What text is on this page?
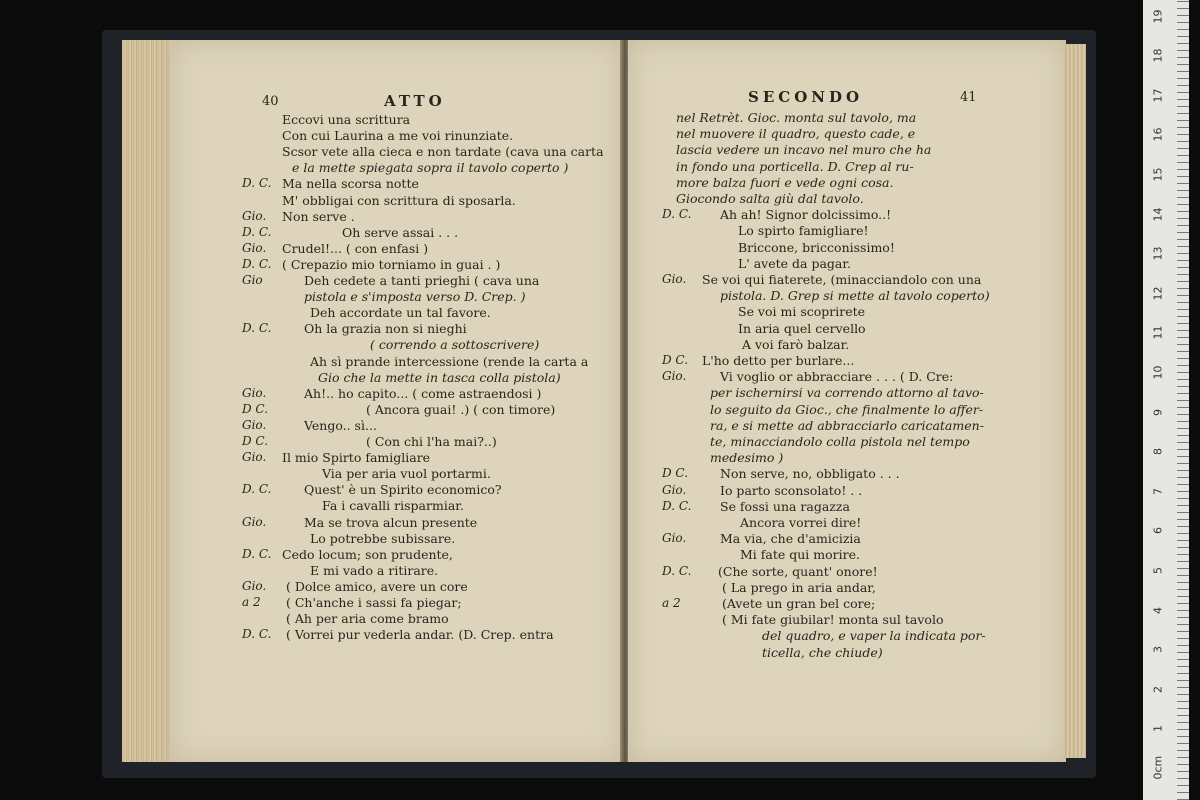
40	ATTO
Eccovi una scrittura
Con cui Laurina a me voi rinunziate.
Scsor vete alla cieca e non tardate (cava una carta
e la mette spiegata sopra il tavolo coperto )
D. C. Ma nella scorsa notte
M' obbligai con scrittura di sposarla.
Gio. Non serve .
D. C.	Oh serve assai . . .
Gio. Crudel!... ( con enfasi )
D. C. ( Crepazio mio torniamo in guai . )
Gio	Deh cedete a tanti prieghi ( cava una
pistola e s'imposta verso D. Crep. )
Deh accordate un tal favore.
D. C.	Oh la grazia non si nieghi
( correndo a sottoscrivere)
Ah sì prande intercessione (rende la carta a
Gio che la mette in tasca colla pistola)
Gio.	Ah!.. ho capito... ( come astraendosi )
D C.	( Ancora guai! .) ( con timore)
Gio.	Vengo.. sì...
D C.	( Con chi l'ha mai?..)
Gio. Il mio Spirto famigliare
Via per aria vuol portarmi.
D. C.	Quest' è un Spirito economico?
Fa i cavalli risparmiar.
Gio.	Ma se trova alcun presente
Lo potrebbe subissare.
D. C. Cedo locum; son prudente,
E mi vado a ritirare.
Gio. ( Dolce amico, avere un core
a 2 ( Ch'anche i sassi fa piegar;
( Ah per aria come bramo
D. C. ( Vorrei pur vederla andar. (D. Crep. entra
SECONDO	41
nel Retrèt. Gioc. monta sul tavolo, ma
nel muovere il quadro, questo cade, e
lascia vedere un incavo nel muro che ha
in fondo una porticella. D. Crep al ru-
more balza fuori e vede ogni cosa.
Giocondo salta giù dal tavolo.
D. C. Ah ah! Signor dolcissimo..!
Lo spirto famigliare!
Briccone, bricconissimo!
L' avete da pagar.
Gio. Se voi qui fiaterete, (minacciandolo con una
pistola. D. Grep si mette al tavolo coperto)
Se voi mi scoprirete
In aria quel cervello
A voi farò balzar.
D C. L'ho detto per burlare...
Gio.	Vi voglio or abbracciare . . . ( D. Cre:
per ischernirsi va correndo attorno al tavo-
lo seguito da Gioc., che finalmente lo affer-
ra, e si mette ad abbracciarlo caricatamen-
te, minacciandolo colla pistola nel tempo
medesimo )
D C.	Non serve, no, obbligato . . .
Gio.	Io parto sconsolato! . .
D. C. Se fossi una ragazza
Ancora vorrei dire!
Gio.	Ma via, che d'amicizia
Mi fate qui morire.
D. C. (Che sorte, quant' onore!
( La prego in aria andar,
a 2	(Avete un gran bel core;
( Mi fate giubilar! monta sul tavolo
del quadro, e vaper la indicata por-
ticella, che chiude)
0cm
1
2
3
4
5
6
7
8
9
10
11
12
13
14
15
16
17
18
19
